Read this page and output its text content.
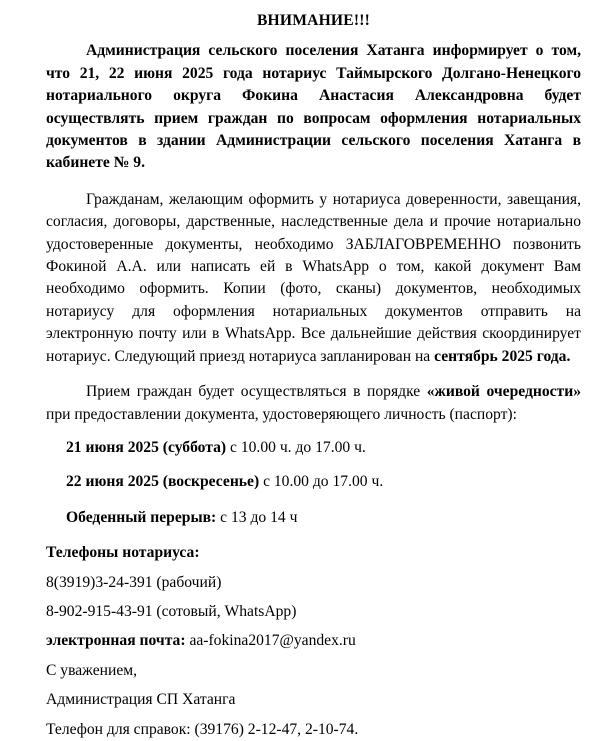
ВНИМАНИЕ!!!

Администрация сельского поселения Хатанга информирует о том, что 21, 22 июня 2025 года нотариус Таймырского Долгано-Ненецкого нотариального округа Фокина Анастасия Александровна будет осуществлять прием граждан по вопросам оформления нотариальных документов в здании Администрации сельского поселения Хатанга в кабинете № 9.

Гражданам, желающим оформить у нотариуса доверенности, завещания, согласия, договоры, дарственные, наследственные дела и прочие нотариально удостоверенные документы, необходимо ЗАБЛАГОВРЕМЕННО позвонить Фокиной А.А. или написать ей в WhatsApp о том, какой документ Вам необходимо оформить. Копии (фото, сканы) документов, необходимых нотариусу для оформления нотариальных документов отправить на электронную почту или в WhatsApp. Все дальнейшие действия скоординирует нотариус. Следующий приезд нотариуса запланирован на сентябрь 2025 года.

Прием граждан будет осуществляться в порядке «живой очередности» при предоставлении документа, удостоверяющего личность (паспорт):

21 июня 2025 (суббота) с 10.00 ч. до 17.00 ч.

22 июня 2025 (воскресенье) с 10.00 до 17.00 ч.

Обеденный перерыв: с 13 до 14 ч

Телефоны нотариуса:

8(3919)3-24-391 (рабочий)

8-902-915-43-91 (сотовый, WhatsApp)

электронная почта: aa-fokina2017@yandex.ru

С уважением,

Администрация СП Хатанга

Телефон для справок: (39176) 2-12-47, 2-10-74.
